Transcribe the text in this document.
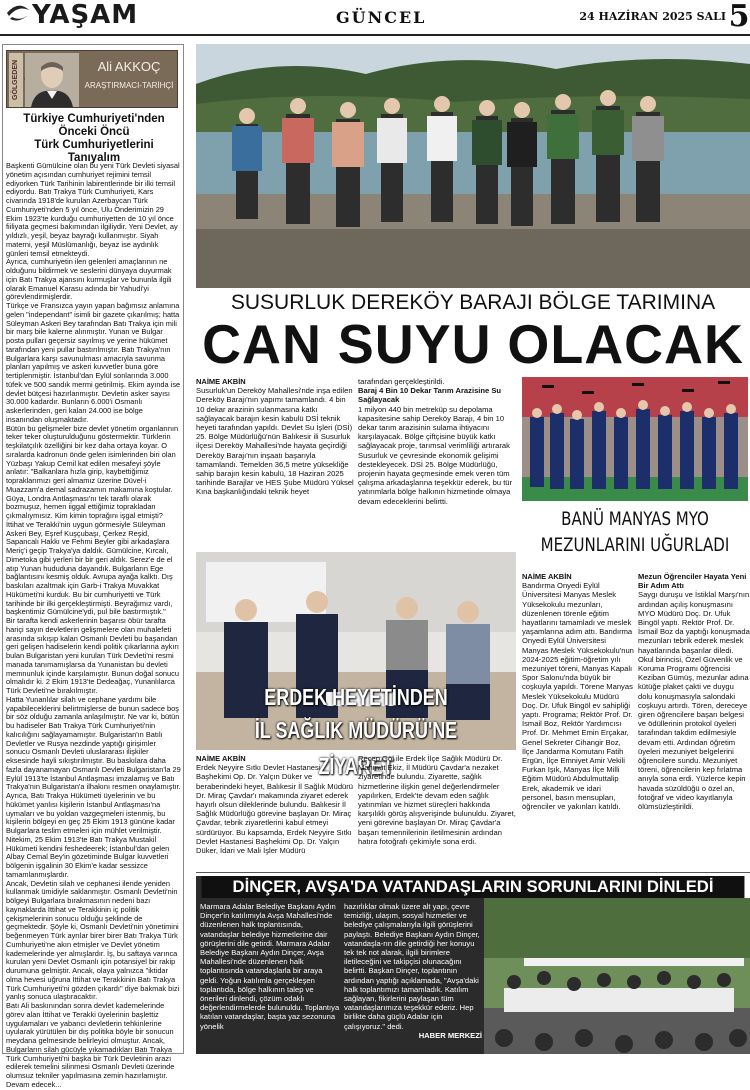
YAŞAM	GÜNCEL	24 HAZİRAN 2025 SALI 5
GÖLGEDEN	Ali AKKOÇ
ARAŞTIRMACI-TARİHÇİ
Türkiye Cumhuriyeti'nden
Önceki Öncü
Türk Cumhuriyetlerini Tanıyalım

Başkenti Gümülcine olan bu yeni Türk Devleti siyasal yönetim açısından cumhuriyet rejimini temsil ediyorken Türk Tarihinin labirentlerinde bir ilki temsil ediyordu. Batı Trakya Türk Cumhuriyeti, Kars civarında 1918'de kurulan Azerbaycan Türk Cumhuriyeti'nden 5 yıl önce, Ulu Önderimizin 29 Ekim 1923'te kurduğu cumhuriyetten de 10 yıl önce fiiliyata geçmesi bakımından ilgiliydir. Yeni Devlet, ay yıldızlı, yeşil, beyaz bayrağı kullanmıştır. Siyah materni, yeşil Müslümanlığı, beyaz ise aydınlık günleri temsil etmekteydi.

Ayrıca, cumhuriyetin ilen gelenleri amaçlarının ne olduğunu bildirmek ve seslerini dünyaya duyurmak için Batı Trakya ajansını kurmuşlar ve bununla ilgili olarak Emanuel Karasu adında bir Yahudi'yi görevlendirmişlerdir.

Türkçe ve Fransızca yayın yapan bağımsız anlamına gelen "independant" isimli bir gazete çıkarılmış; hatta Süleyman Askeri Bey tarafından Batı Trakya için mili bir marş bile kalerne alınmıştır. Yunan ve Bulgar posta pulları geçersiz sayılmış ve yerine hükümet tarafından yeni pullar bastırılmıştır. Batı Trakya'nın Bulgarlara karşı savunulması amacıyla savunma planları yapılmış ve askeri kuvvetler buna göre tertiplenmiştir. İstanbul'dan Eylül sonlarında 3.000 tüfek ve 500 sandık mermi getirilmiş. Ekim ayında ise devlet bütçesi hazırlanmıştır. Devletin asker sayısı 30.000 kadardır. Bunların 6.000'i Osmanlı askerlerinden, geri kalan 24.000 ise bölge insanından oluşmaktadır.

Bütün bu gelişmeler bize devlet yönetim organlarının teker teker oluşturulduğunu göstermektir. Türklerin teşkilatçılık özelliğini bir kez daha ortaya koyar. O sıralarda kadronun önde gelen isimlerinden biri olan Yüzbaşı Yakup Cemil kat edilen mesafeyi şöyle anlatır: "Balkanlara hızla girip, kaybettiğimiz topraklarımızı geri almamız üzerine Düvel-i Muazzam'a demal sadrazamın makamına koştular. Güya, Londra Antlaşması'nı tek taraflı olarak bozmuşuz, hemen iiggal ettiğimiz toprakladan çıkmalıymısız. Kim kimin toprağını işgal etmişti?

İttihat ve Terakki'nin uygun görmesiyle Süleyman Askeri Bey, Eşref Kuşçubaşı, Çerkez Reşid, Sapancalı Hakkı ve Fehmi Beyler gibi arkadaşlara Meriç'i geçip Trakya'ya daldık. Gümülcine, Kırcalı, Dimetoka gibi yerleri bir bir geri aldık. Serez'e de el atıp Yunan hududuna dayandık. Bulgarların Ege bağlantısını kesmiş olduk. Avrupa ayağa kalktı. Dış baskıları azaltmak için Garb-i Trakya Muvakkat Hükümeti'ni kurduk. Bu bir cumhuriyetti ve Türk tarihinde bir ilki gerçekleştirmişti. Beyrağımız vardı, başkentimiz Gümülcine'ydi, pul bile bastırmıştık."

Bir tarafta kendi askerlerinin başarısı öbür tarafta hariçi sayın devletlerin gelişmelere olan muhalefeti arasında sıkışıp kalan Osmanlı Devleti bu başarıdan geri gelişen hadiselerin kendi politik çıkarlarına aykırı bulan Bulgaristan yeni kurulan Türk Devleti'ni resmi manada tanımamışlarsa da Yunanistan bu devleti memnunluk içinde karşılamıştır. Bunun doğal sonucu olmalıdır ki. 2 Ekim 1913'te Dedeağaç, Yunanlılarca Türk Devleti'ne bırakılmıştır.

Hatta Yunanlılar silah ve cephane yardımı bile yapabileceklerini belirtmişlerse de bunun sadece boş bir söz olduğu zamanla anlaşılmıştır. Ne var ki, bütün bu hadiseler Batı Trakya Türk Cumhuriyeti'nin kalıcılığını sağlayamamıştır. Bulgaristan'ın Batılı Devletler ve Rusya nezdinde yaptığı girişimler sonucu Osmanlı Devleti uluslararası ilişkiler eksesinde hayli sıkıştırılmıştır. Bu baskılara daha fazla dayanamayan Osmanlı Devleti Bulgaristan'la 29 Eylül 1913'te İstanbul Antlaşması imzalamış ve Batı Trakya'nın Bulgaristan'a ilhakını resmen onaylamıştır.

Ayrıca, Batı Trakya Hükümeti üyelerinin ve bu hükümet yanlısı kişilerin İstanbul Antlaşması'na uymaları ve bu yoldan vazgeçmeleri istenmiş, bu kişilerin bölgeyi en geç 25 Ekim 1913 gününe kadar Bulgarlara teslim etmeleri için mühlet verilmiştir. Nitekim, 25 Ekim 1913'te Batı Trakya Mustakil Hükümeti kendini feshedeerek; İstanbul'dan gelen Albay Cemal Bey'in gözetiminde Bulgar kuvvetleri bölgenin işgalinin 30 Ekim'e kadar sessizce tamamlanmışlardır.

Ancak, Devletin silah ve cephanesi ilende yeniden kullanmak ümidiyle saklanmıştır. Osmanlı Devleti'nin bölgeyi Bulgarlara bırakmasının nedeni bazı kaynaklarda İttihat ve Terakkinin iç politik çekişmelerinin sonucu olduğu şeklinde de geçmektedir. Şöyle ki, Osmanlı Devleti'nin yönetimini beğenmeyen Türk ayrılar birer birer Batı Trakya Türk Cumhuriyeti'ne akın etmişler ve Devlet yönetim kademelerinde yer almışlardır. İş, bu saftaya varınca kurulan yeni Devlet Osmanlı için potansiyel bir rakip durumuna gelmiştir. Ancak, olaya yalnızca "iktidar olma hevesi uğruna İttihat ve Terakkinin Batı Trakya Türk Cumhuriyeti'ni gözden çıkardı" diye bakmak bizi yanlış sonuca ulaştıracaktır.

Batı Ali baskınından sonra devlet kademelerinde görev alan İttihat ve Terakki üyelerinin başlettiz uygulamaları ve yabancı devletlerin tehkinlerine uyularak yürütülen bir dış politika böyle bir sonucun meydana gelmesinde belirleyici olmuştur. Ancak, Bulgarların silah gücüyle yıkamadıkları Batı Trakya Türk Cumhuriyeti'ni başka bir Türk Devletinin arazı edilerek temelini silinmesi Osmanlı Devleti üzerinde olumsuz tekniler yapılmasına zemin hazırlamıştır. Devam edecek...

SUSURLUK DEREKÖY BARAJI BÖLGE TARIMINA
CAN SUYU OLACAK
NAİME AKBİN
Susurluk'un Dereköy Mahallesi'nde inşa edilen Dereköy Barajı'nın yapımı tamamlandı. 4 bin 10 dekar arazinin sulanmasına katkı sağlayacak barajın kesin kabulü DSİ teknik heyeti tarafından yapıldı. Devlet Su İşleri (DSİ) 25. Bölge Müdürlüğü'nün Balıkesir ili Susurluk ilçesi Dereköy Mahallesi'nde hayata geçirdiği Dereköy Barajı'nın inşaatı başarıyla tamamlandı. Temelden 36,5 metre yüksekliğe sahip barajın kesin kabulü, 18 Haziran 2025 tarihinde Barajlar ve HES Şube Müdürü Yüksel Kına başkanlığındaki teknik heyet
tarafından gerçekleştirildi.
Baraj 4 Bin 10 Dekar Tarım Arazisine Su Sağlayacak
1 milyon 440 bin metreküp su depolama kapasitesine sahip Dereköy Barajı, 4 bin 10 dekar tarım arazisinin sulama ihtiyacını karşılayacak. Bölge çiftçisine büyük katkı sağlayacak proje, tarımsal verimliliği artırarak Susurluk ve çevresinde ekonomik gelişimi destekleyecek. DSİ 25. Bölge Müdürlüğü, projenin hayata geçmesinde emek veren tüm çalışma arkadaşlarına teşekkür ederek, bu tür yatırımlarla bölge halkının hizmetinde olmaya devam edeceklerini belirtti.
BANÜ MANYAS MYO
MEZUNLARINI UĞURLADI
NAİME AKBİN
Bandırma Onyedi Eylül Üniversitesi Manyas Meslek Yüksekokulu mezunları, düzenlenen törenle eğitim hayatlarını tamamladı ve meslek yaşamlarına adım attı. Bandırma Onyedi Eylül Üniversitesi Manyas Meslek Yüksekokulu'nun 2024-2025 eğitim-öğretim yılı mezuniyet töreni, Manyas Kapalı Spor Salonu'nda büyük bir coşkuyla yapıldı. Törene Manyas Meslek Yüksekokulu Müdürü Doç. Dr. Ufuk Bingöl ev sahipliği yaptı. Programa; Rektör Prof. Dr. İsmail Boz, Rektör Yardımcısı Prof. Dr. Mehmet Emin Erçakar, Genel Sekreter Cihangir Boz, İlçe Jandarma Komutanı Fatih Ergün, İlçe Emniyet Amir Vekili Furkan Işık, Manyas İlçe Milli Eğitim Müdürü Abdulmuttalip Erek, akademik ve idari personel, basın mensupları, öğrenciler ve yakınları katıldı.
Mezun Öğrenciler Hayata Yeni Bir Adım Attı
Saygı duruşu ve İstiklal Marşı'nın ardından açılış konuşmasını MYO Müdürü Doç. Dr. Ufuk Bingöl yaptı. Rektör Prof. Dr. İsmail Boz da yaptığı konuşmada mezunları tebrik ederek meslek hayatlarında başarılar diledi. Okul birincisi, Özel Güvenlik ve Koruma Programı öğrencisi Keziban Gümüş, mezunlar adına kütüğe plaket çakti ve duygu dolu konuşmasıyla salondaki coşkuyu artırdı. Tören, dereceye giren öğrencilere başarı belgesi ve ödüllerinin protokol üyeleri tarafından takdim edilmesiyle devam etti. Ardından öğretim üyeleri mezuniyet belgelerini öğrencilere sundu. Mezuniyet töreni, öğrencilerin kep fırlatma anıyla sona erdi. Yüzlerce kepin havada süzüldüğü o özel an, fotoğraf ve video kayıtlarıyla ölümsüzleştirildi.
ERDEK HEYETİNDEN
İL SAĞLIK MÜDÜRÜ'NE ZİYARET
NAİME AKBİN
Erdek Neyyire Sıtkı Devlet Hastanesi Başhekimi Op. Dr. Yalçın Düker ve beraberindeki heyet, Balıkesir İl Sağlık Müdürü Dr. Miraç Çavdar'ı makamında ziyaret ederek hayırlı olsun dileklerinde bulundu. Balıkesir İl Sağlık Müdürlüğü görevine başlayan Dr. Miraç Çavdar, tebrik ziyaretlerini kabul etmeyi sürdürüyor. Bu kapsamda, Erdek Neyyire Sıtkı Devlet Hastanesi Başhekimi Op. Dr. Yalçın Düker, İdari ve Mali İşler Müdürü
Recep Göl ile Erdek İlçe Sağlık Müdürü Dr. Mahmut Ekiz, İl Müdürü Çavdar'a nezaket ziyaretinde bulundu. Ziyarette, sağlık hizmetlerine ilişkin genel değerlendirmeler yapılırken, Erdek'te devam eden sağlık yatırımları ve hizmet süreçleri hakkında karşılıklı görüş alışverişinde bulunuldu. Ziyaret, yeni görevine başlayan Dr. Miraç Çavdar'a başarı temennilerinin iletilmesinin ardından hatıra fotoğrafı çekimiyle sona erdi.
DİNÇER, AVŞA'DA VATANDAŞLARIN SORUNLARINI DİNLEDİ
Marmara Adalar Belediye Başkanı Aydın Dinçer'in katılımıyla Avşa Mahallesi'nde düzenlenen halk toplantısında, vatandaşlar belediye hizmetlerine dair görüşlerini dile getirdi. Marmara Adalar Belediye Başkanı Aydın Dinçer, Avşa Mahallesi'nde düzenlenen halk toplantısında vatandaşlarla bir araya geldi. Yoğun katılımla gerçekleşen toplantıda, bölge halkının talep ve önerileri dinlendi, çözüm odaklı değerlendirmelerde bulunuldu. Toplantıya katılan vatandaşlar, başta yaz sezonuna yönelik
hazırlıklar olmak üzere alt yapı, çevre temizliği, ulaşım, sosyal hizmetler ve belediye çalışmalarıyla ilgili görüşlerini paylaştı. Belediye Başkanı Aydın Dinçer, vatandaşla-rın dile getirdiği her konuyu tek tek not alarak, ilgili birimlere iletileceğini ve takipçisi olunacağını belirtti. Başkan Dinçer, toplantının ardından yaptığı açıklamada, "Avşa'daki halk toplantımızı tamamladık. Katılım sağlayan, fikirlerini paylaşan tüm vatandaşlarımıza teşekkür ederiz. Hep birlikte daha güçlü Adalar için çalışıyoruz." dedi.
HABER MERKEZİ
